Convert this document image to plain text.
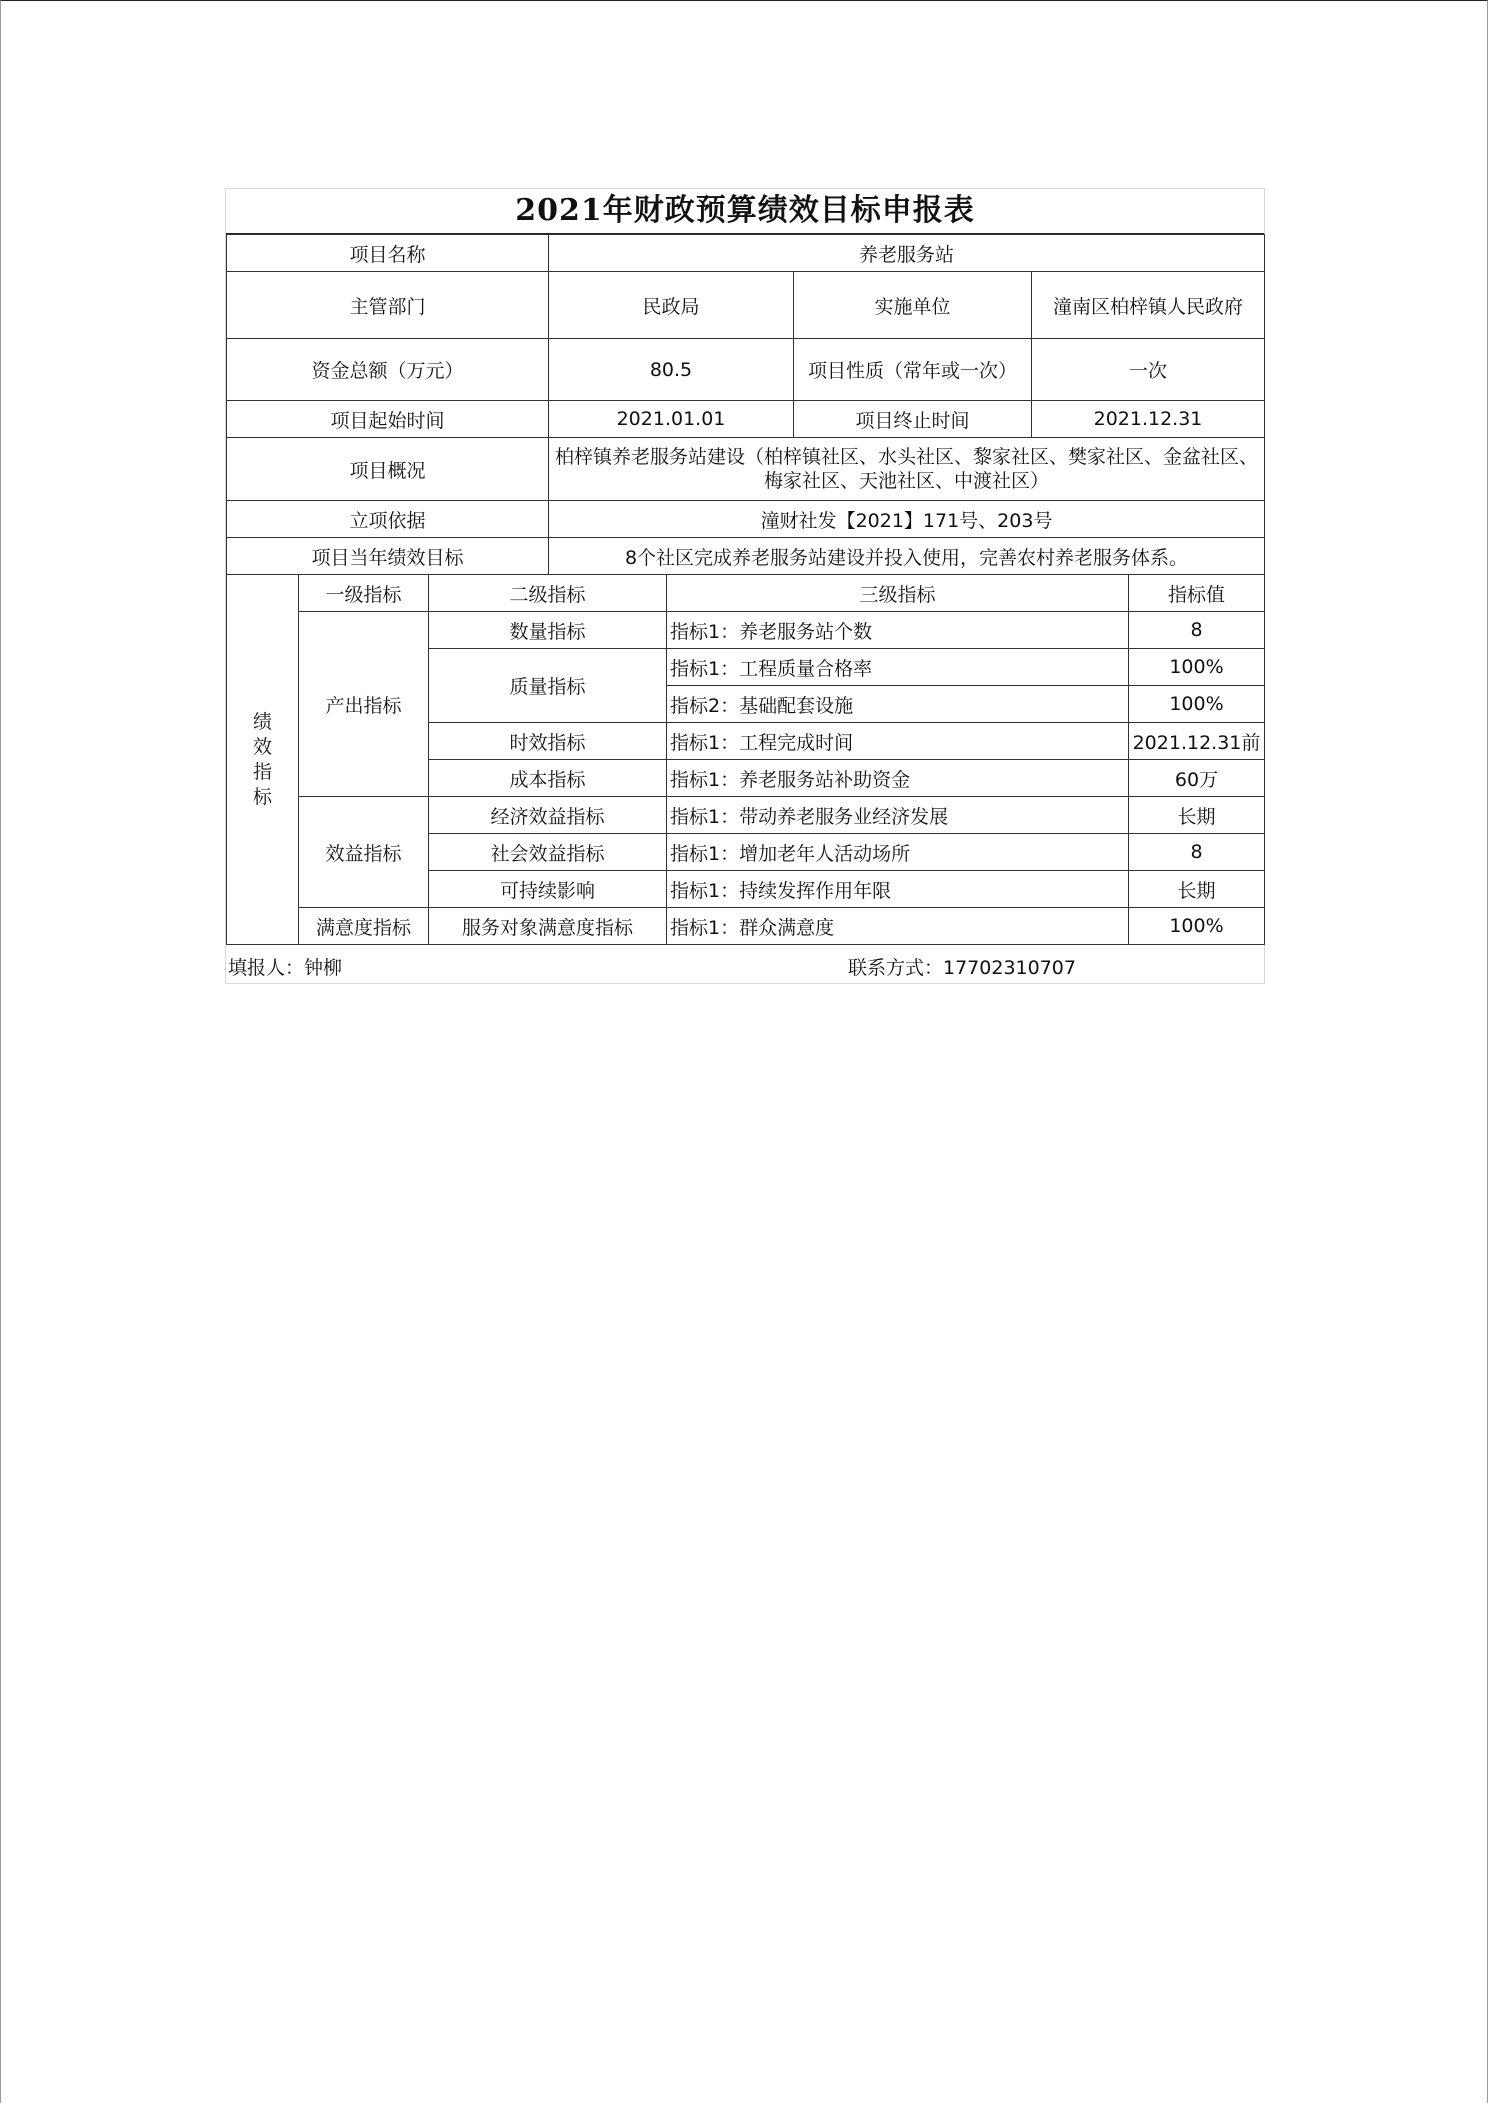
2021年财政预算绩效目标申报表
项目名称	养老服务站		
主管部门	民政局	实施单位	潼南区柏梓镇人民政府
资金总额（万元）	80.5	项目性质（常年或一次）	一次
项目起始时间	2021.01.01	项目终止时间	2021.12.31
项目概况	柏梓镇养老服务站建设（柏梓镇社区、水头社区、黎家社区、樊家社区、金盆社区、梅家社区、天池社区、中渡社区）		
立项依据	潼财社发【2021】171号、203号		
项目当年绩效目标	8个社区完成养老服务站建设并投入使用，完善农村养老服务体系。		
绩
效
指
标	一级指标	二级指标	三级指标	指标值
	产出指标	数量指标	指标1：养老服务站个数	8
		质量指标	指标1：工程质量合格率	100%
			指标2：基础配套设施	100%
		时效指标	指标1：工程完成时间	2021.12.31前
		成本指标	指标1：养老服务站补助资金	60万
	效益指标	经济效益指标	指标1：带动养老服务业经济发展	长期
		社会效益指标	指标1：增加老年人活动场所	8
		可持续影响	指标1：持续发挥作用年限	长期
	满意度指标	服务对象满意度指标	指标1：群众满意度	100%
填报人：钟柳	联系方式：17702310707
